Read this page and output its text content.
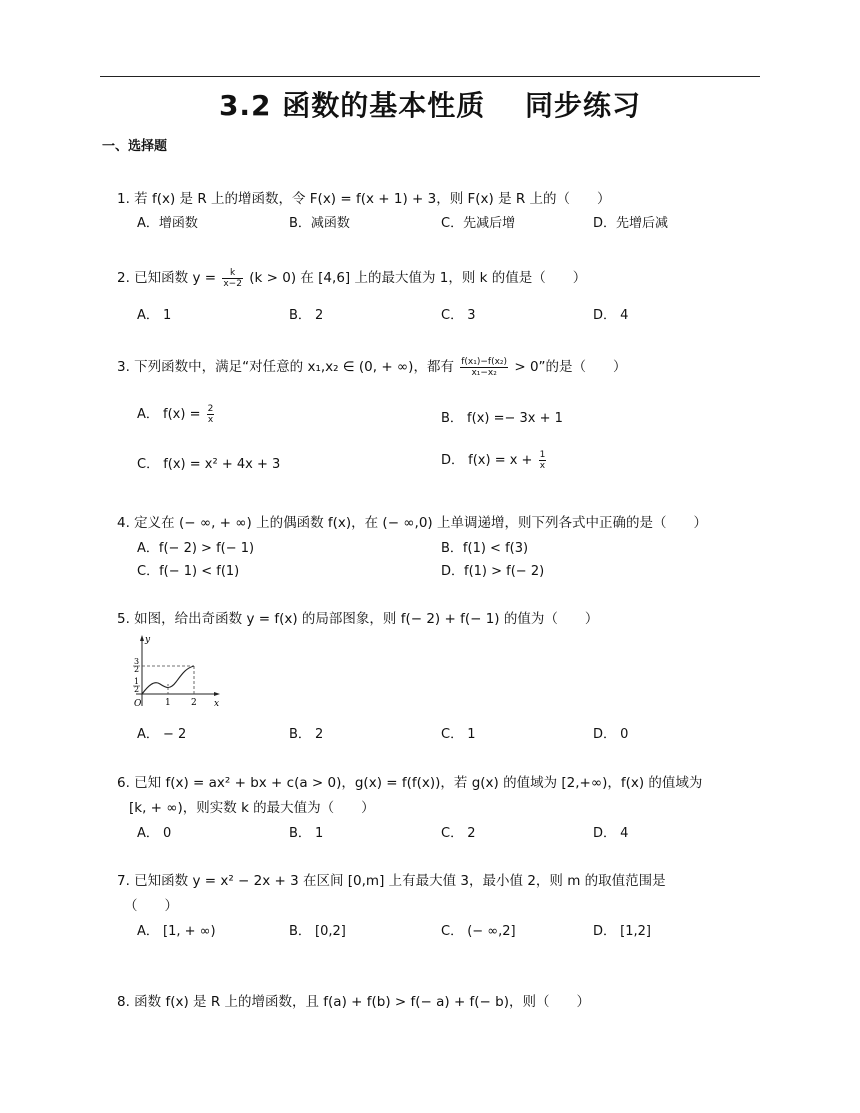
3.2 函数的基本性质　 同步练习
一、选择题
1. 若 f(x) 是 R 上的增函数，令 F(x) = f(x + 1) + 3，则 F(x) 是 R 上的（　　）
A．增函数	B．减函数	C．先减后增	D．先增后减
2. 已知函数 $y = \frac{k}{x-2} (k > 0)$ 在 [4,6] 上的最大值为 1，则 k 的值是（　　）
A． 1	B． 2	C． 3	D． 4
3. 下列函数中，满足“对任意的 x₁,x₂ ∈ (0, + ∞)，都有 $\frac{\text{f(x₁)−f(x₂)}}{\text{x₁−x₂}} > 0$”的是（　　）
A． $f(x) = \frac{2}{x}$	B． f(x) =− 3x + 1
C． f(x) = x² + 4x + 3	D． $f(x) = x + \frac{1}{x}$
4. 定义在 (− ∞, + ∞) 上的偶函数 f(x)，在 (− ∞,0) 上单调递增，则下列各式中正确的是（　　）
A．f(− 2) > f(− 1)	B．f(1) < f(3)
C．f(− 1) < f(1)	D．f(1) > f(− 2)
5. 如图，给出奇函数 y = f(x) 的局部图象，则 f(− 2) + f(− 1) 的值为（　　）
y
x
O	1 2
3
2
1
2
A． − 2	B． 2	C． 1	D． 0
6. 已知 f(x) = ax² + bx + c(a > 0)，g(x) = f(f(x))，若 g(x) 的值域为 [2,+∞)，f(x) 的值域为
[k, + ∞)，则实数 k 的最大值为（　　）
A． 0	B． 1	C． 2	D． 4
7. 已知函数 y = x² − 2x + 3 在区间 [0,m] 上有最大值 3，最小值 2，则 m 的取值范围是
（　　）
A． [1, + ∞)	B． [0,2]	C． (− ∞,2]	D． [1,2]
8. 函数 f(x) 是 R 上的增函数，且 f(a) + f(b) > f(− a) + f(− b)，则（　　）
